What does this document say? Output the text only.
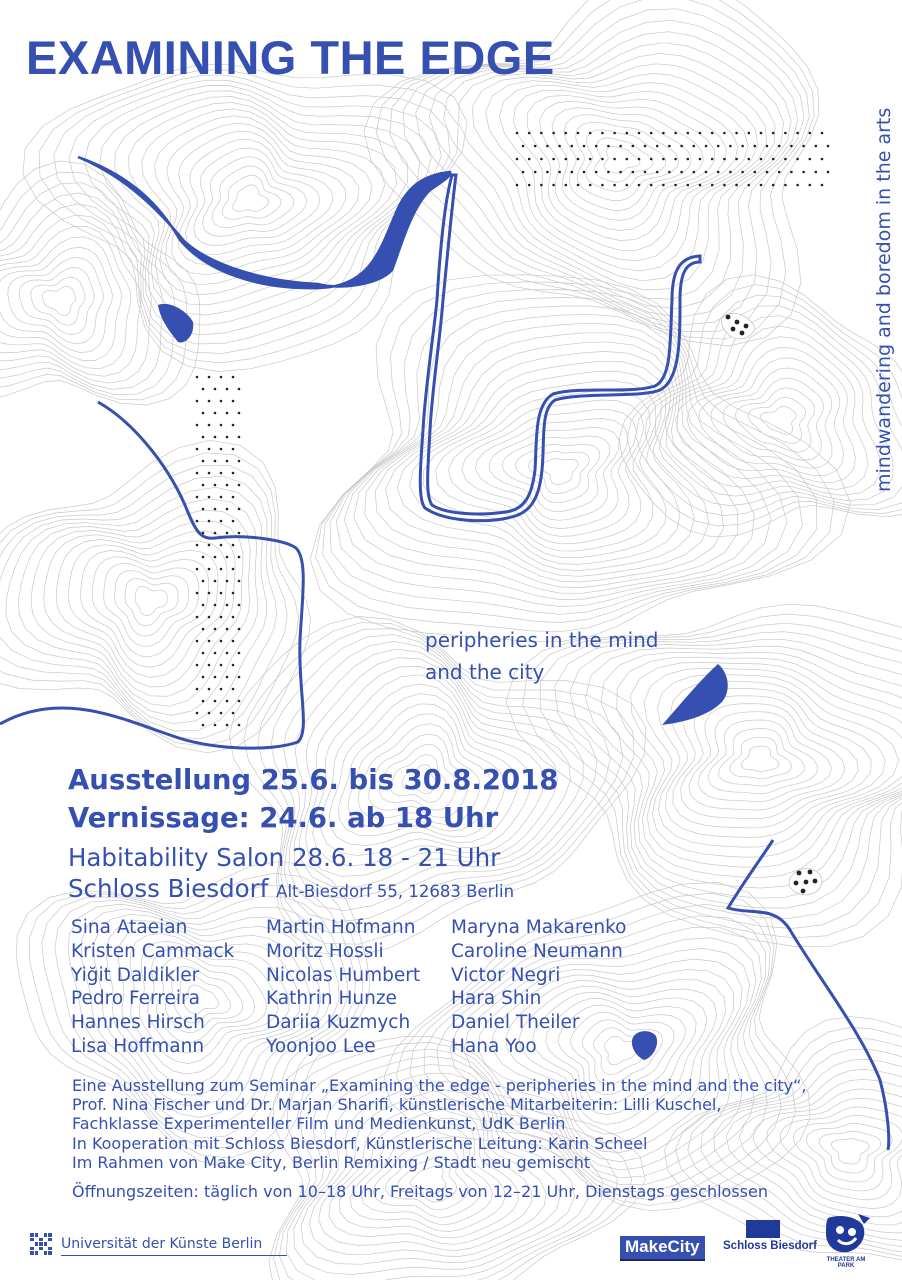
EXAMINING THE EDGE
mindwandering and boredom in the arts
peripheries in the mind
and the city
Ausstellung 25.6. bis 30.8.2018
Vernissage: 24.6. ab 18 Uhr
Habitability Salon 28.6. 18 - 21 Uhr
Schloss Biesdorf Alt-Biesdorf 55, 12683 Berlin
Sina Ataeian
Kristen Cammack
Yiğit Daldikler
Pedro Ferreira
Hannes Hirsch
Lisa Hoffmann
Martin Hofmann
Moritz Hossli
Nicolas Humbert
Kathrin Hunze
Dariia Kuzmych
Yoonjoo Lee
Maryna Makarenko
Caroline Neumann
Victor Negri
Hara Shin
Daniel Theiler
Hana Yoo
Eine Ausstellung zum Seminar „Examining the edge - peripheries in the mind and the city“,
Prof. Nina Fischer und Dr. Marjan Sharifi, künstlerische Mitarbeiterin: Lilli Kuschel,
Fachklasse Experimenteller Film und Medienkunst, UdK Berlin
In Kooperation mit Schloss Biesdorf, Künstlerische Leitung: Karin Scheel
Im Rahmen von Make City, Berlin Remixing / Stadt neu gemischt
Öffnungszeiten: täglich von 10–18 Uhr, Freitags von 12–21 Uhr, Dienstags geschlossen
Universität der Künste Berlin	MakeCity	Schloss Biesdorf
THEATER AM PARK
